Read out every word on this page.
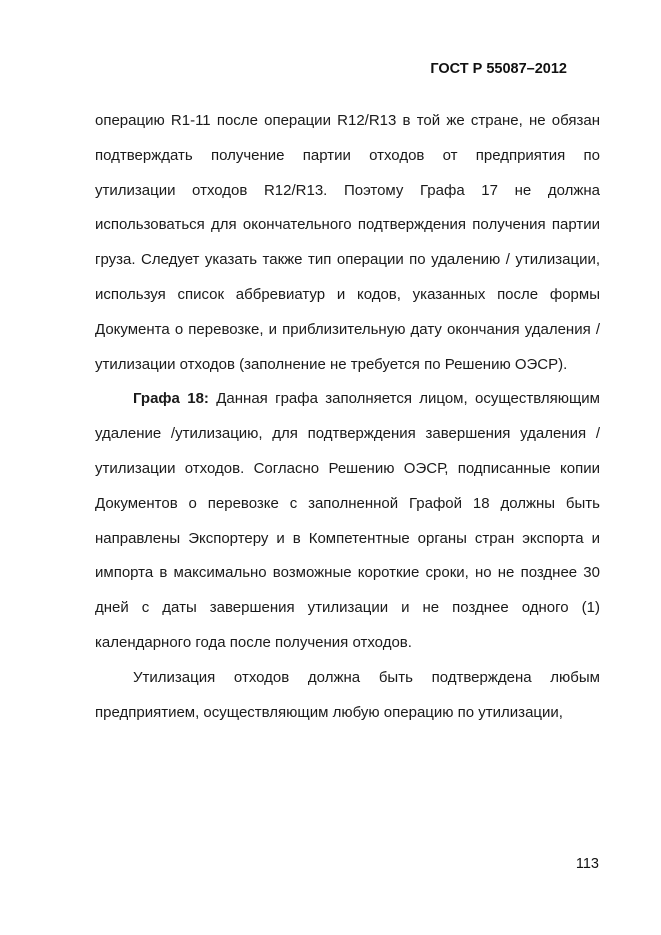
ГОСТ Р 55087–2012

операцию R1-11 после операции R12/R13 в той же стране, не обязан подтверждать получение партии отходов от предприятия по утилизации отходов R12/R13. Поэтому Графа 17 не должна использоваться для окончательного подтверждения получения партии груза. Следует указать также тип операции по удалению / утилизации, используя список аббревиатур и кодов, указанных после формы Документа о перевозке, и приблизительную дату окончания удаления / утилизации отходов (заполнение не требуется по Решению ОЭСР).

Графа 18: Данная графа заполняется лицом, осуществляющим удаление /утилизацию, для подтверждения завершения удаления / утилизации отходов. Согласно Решению ОЭСР, подписанные копии Документов о перевозке с заполненной Графой 18 должны быть направлены Экспортеру и в Компетентные органы стран экспорта и импорта в максимально возможные короткие сроки, но не позднее 30 дней с даты завершения утилизации и не позднее одного (1) календарного года после получения отходов.

Утилизация отходов должна быть подтверждена любым предприятием, осуществляющим любую операцию по утилизации,

113
